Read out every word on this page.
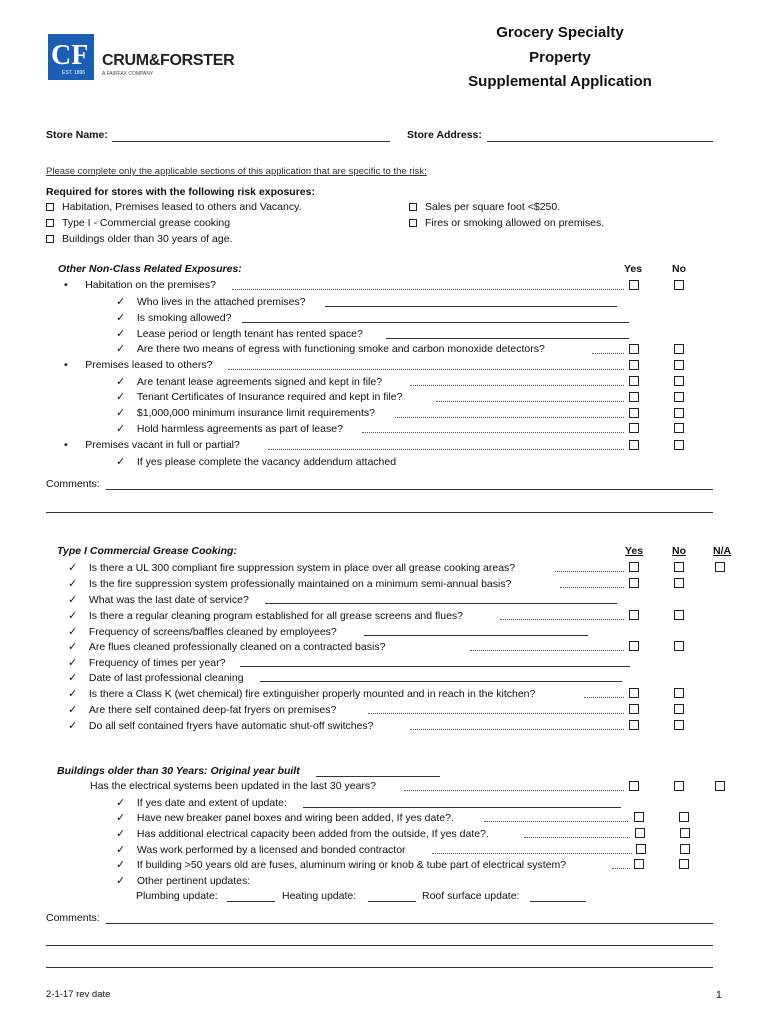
CF
EST. 1896
CRUM&FORSTER
A FAIRFAX COMPANY
Grocery Specialty
Property
Supplemental Application
Store Name:	Store Address:
Please complete only the applicable sections of this application that are specific to the risk:
Required for stores with the following risk exposures:
Habitation, Premises leased to others and Vacancy.
Type I - Commercial grease cooking
Buildings older than 30 years of age.
Sales per square foot <$250.
Fires or smoking allowed on premises.
Other Non-Class Related Exposures:	Yes	No
•      Habitation on the premises?
✓ Who lives in the attached premises?
✓ Is smoking allowed?
✓ Lease period or length tenant has rented space?
✓ Are there two means of egress with functioning smoke and carbon monoxide detectors?
•      Premises leased to others?
✓ Are tenant lease agreements signed and kept in file?
✓ Tenant Certificates of Insurance required and kept in file?
✓ $1,000,000 minimum insurance limit requirements?
✓ Hold harmless agreements as part of lease?
•      Premises vacant in full or partial?
✓ If yes please complete the vacancy addendum attached
Comments:
Type I Commercial Grease Cooking:	Yes	No	N/A
✓ Is there a UL 300 compliant fire suppression system in place over all grease cooking areas?
✓ Is the fire suppression system professionally maintained on a minimum semi-annual basis?
✓ What was the last date of service?
✓ Is there a regular cleaning program established for all grease screens and flues?
✓ Frequency of screens/baffles cleaned by employees?
✓ Are flues cleaned professionally cleaned on a contracted basis?
✓ Frequency of times per year?
✓ Date of last professional cleaning
✓ Is there a Class K (wet chemical) fire extinguisher properly mounted and in reach in the kitchen?
✓ Are there self contained deep-fat fryers on premises?
✓ Do all self contained fryers have automatic shut-off switches?
Buildings older than 30 Years: Original year built
Has the electrical systems been updated in the last 30 years?
✓ If yes date and extent of update:
✓ Have new breaker panel boxes and wiring been added, If yes date?.
✓ Has additional electrical capacity been added from the outside, If yes date?.
✓ Was work performed by a licensed and bonded contractor
✓ If building >50 years old are fuses, aluminum wiring or knob & tube part of electrical system?
✓ Other pertinent updates:
Plumbing update:	Heating update:	Roof surface update:
Comments:
2-1-17 rev date	1
